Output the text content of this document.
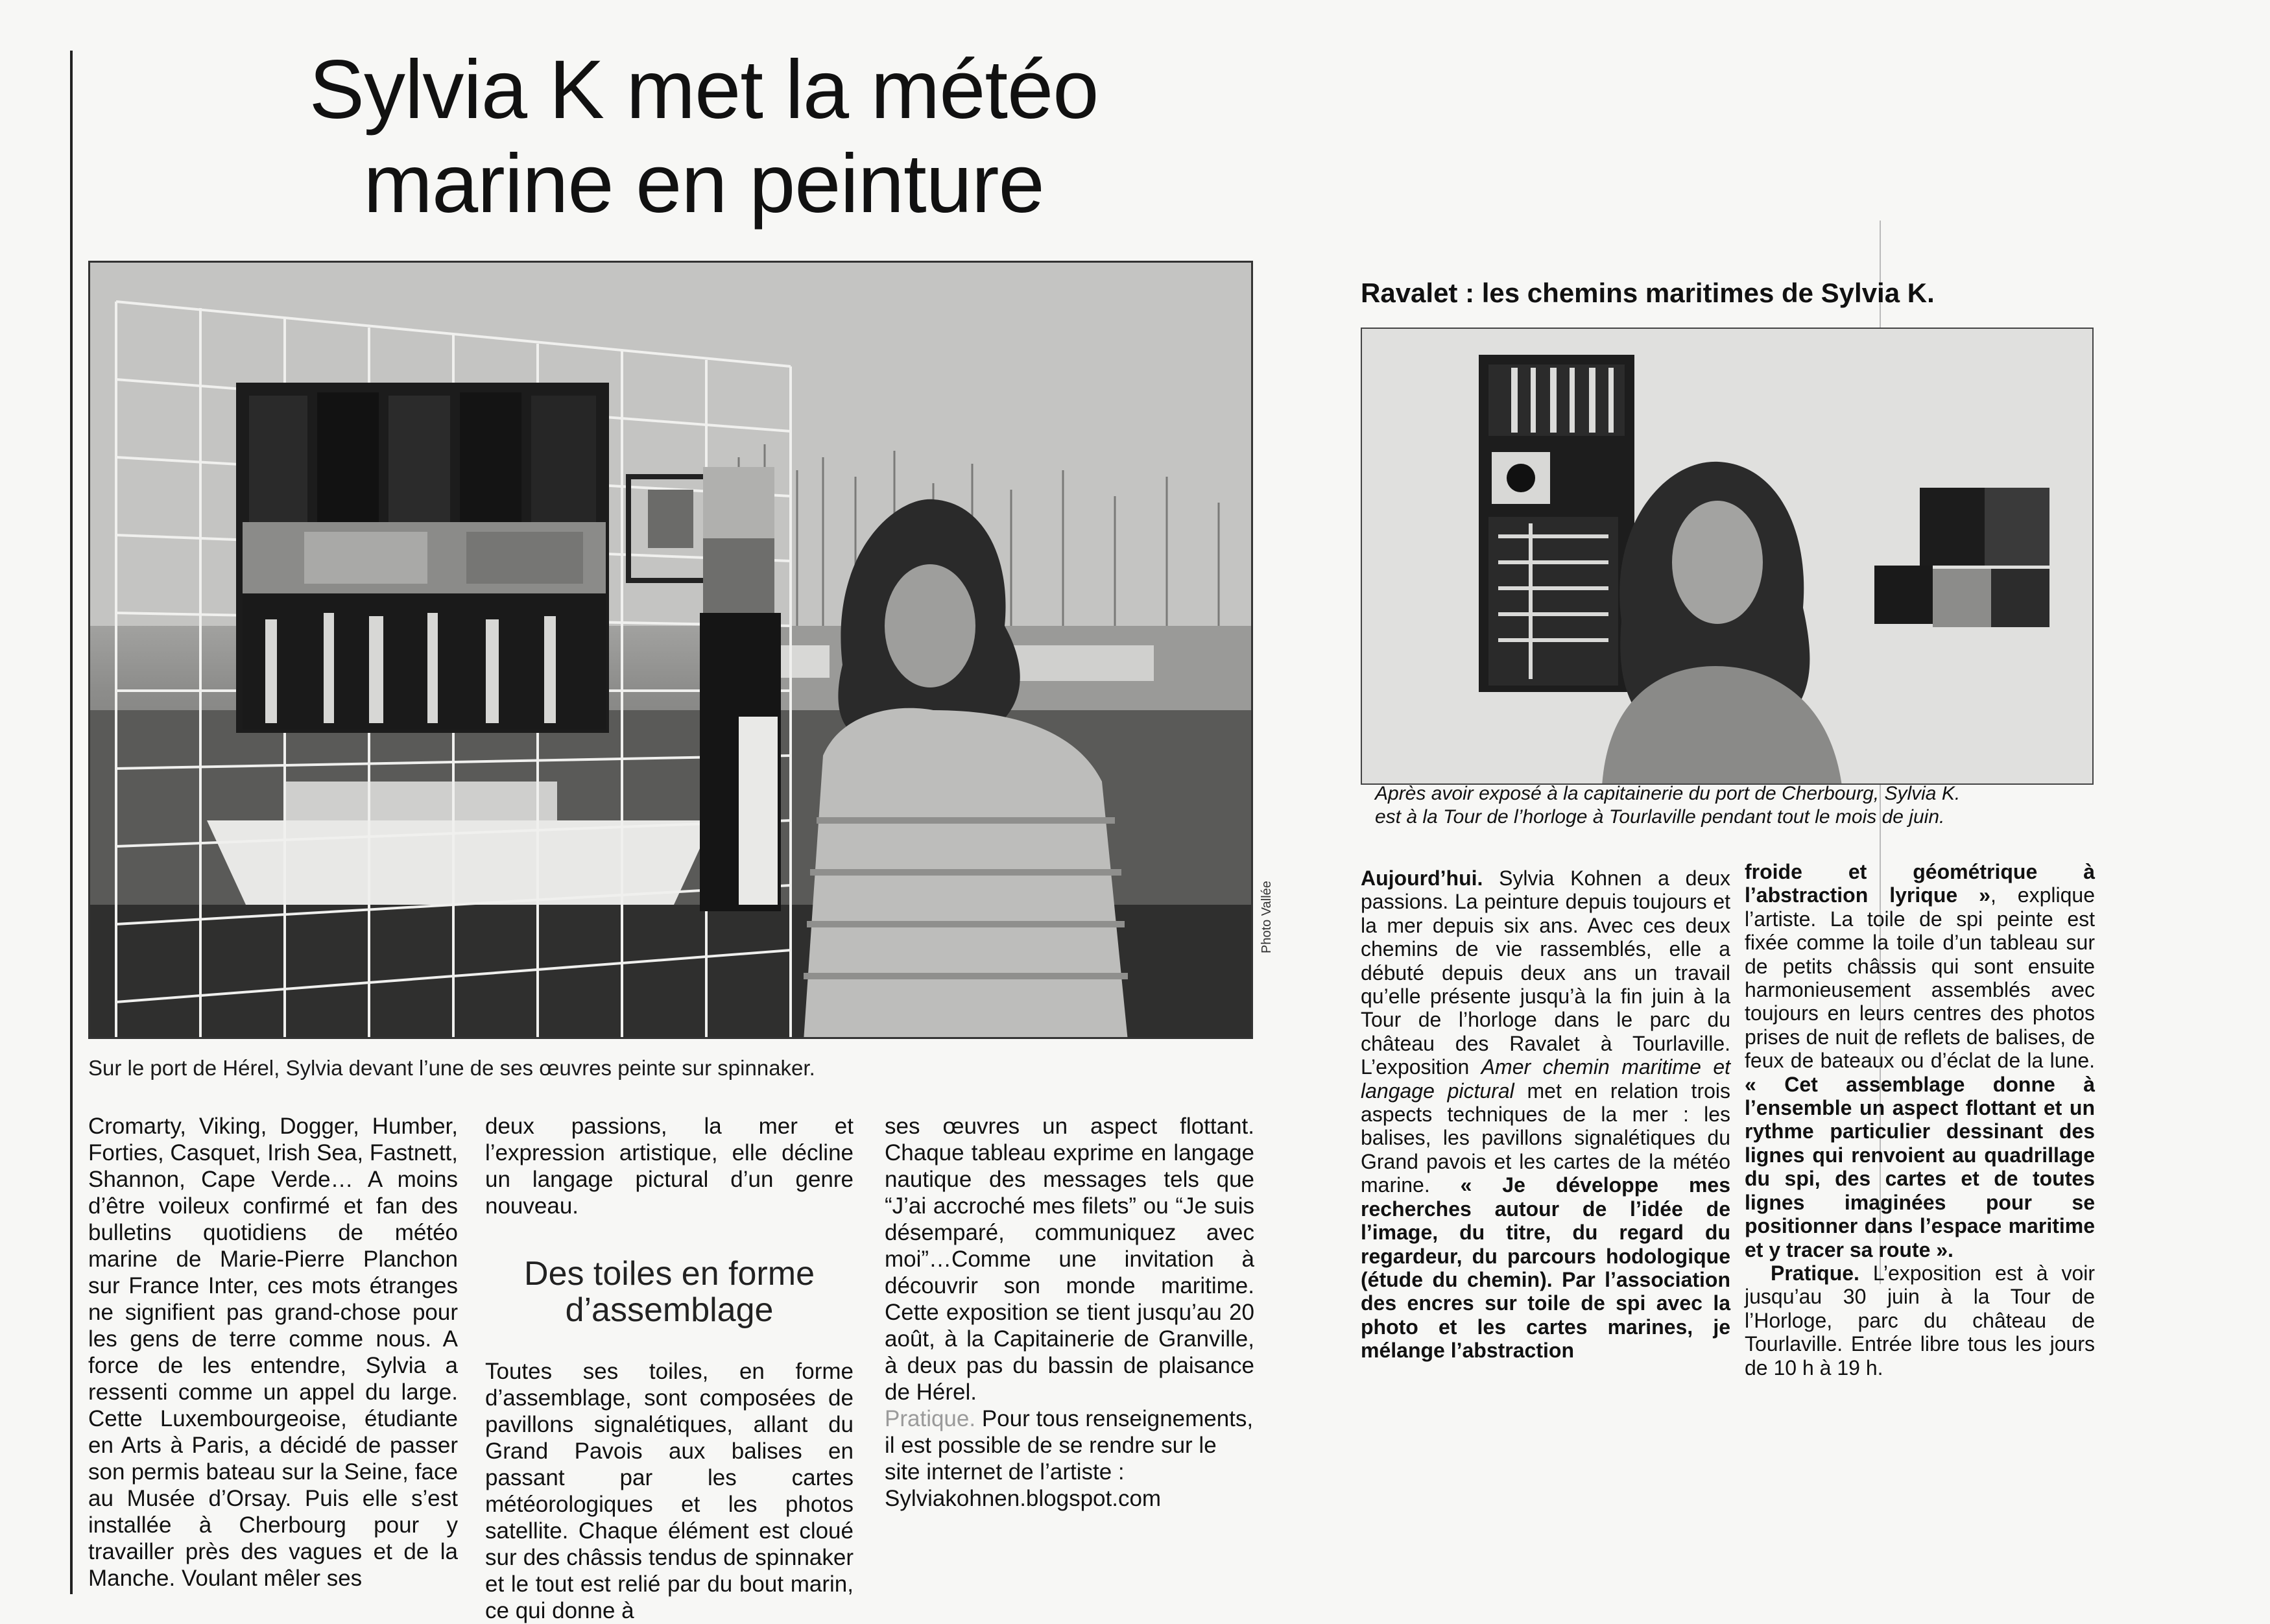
Sylvia K met la météo
marine en peinture
Photo Vallée
Sur le port de Hérel, Sylvia devant l’une de ses œuvres peinte sur spinnaker.

Cromarty, Viking, Dogger, Humber, Forties, Casquet, Irish Sea, Fastnett, Shannon, Cape Verde… A moins d’être voileux confirmé et fan des bulletins quotidiens de météo marine de Marie-Pierre Planchon sur France Inter, ces mots étranges ne signifient pas grand-chose pour les gens de terre comme nous. A force de les entendre, Sylvia a ressenti comme un appel du large. Cette Luxembourgeoise, étudiante en Arts à Paris, a décidé de passer son permis bateau sur la Seine, face au Musée d’Orsay. Puis elle s’est installée à Cherbourg pour y travailler près des vagues et de la Manche. Voulant mêler ses

deux passions, la mer et l’expression artistique, elle décline un langage pictural d’un genre nouveau.

Des toiles en forme d’assemblage

Toutes ses toiles, en forme d’assemblage, sont composées de pavillons signalétiques, allant du Grand Pavois aux balises en passant par les cartes météorologiques et les photos satellite. Chaque élément est cloué sur des châssis tendus de spinnaker et le tout est relié par du bout marin, ce qui donne à

ses œuvres un aspect flottant. Chaque tableau exprime en langage nautique des messages tels que “J’ai accroché mes filets” ou “Je suis désemparé, communiquez avec moi”…Comme une invitation à découvrir son monde maritime. Cette exposition se tient jusqu’au 20 août, à la Capitainerie de Granville, à deux pas du bassin de plaisance de Hérel.

Pratique. Pour tous renseignements, il est possible de se rendre sur le site internet de l’artiste :

Sylviakohnen.blogspot.com

Ravalet : les chemins maritimes de Sylvia K.
Après avoir exposé à la capitainerie du port de Cherbourg, Sylvia K.
est à la Tour de l’horloge à Tourlaville pendant tout le mois de juin.

Aujourd’hui. Sylvia Kohnen a deux passions. La peinture depuis toujours et la mer depuis six ans. Avec ces deux chemins de vie rassemblés, elle a débuté depuis deux ans un travail qu’elle présente jusqu’à la fin juin à la Tour de l’horloge dans le parc du château des Ravalet à Tourlaville. L’exposition Amer chemin maritime et langage pictural met en relation trois aspects techniques de la mer : les balises, les pavillons signalétiques du Grand pavois et les cartes de la météo marine. « Je développe mes recherches autour de l’idée de l’image, du titre, du regard du regardeur, du parcours hodologique (étude du chemin). Par l’association des encres sur toile de spi avec la photo et les cartes marines, je mélange l’abstraction

froide et géométrique à l’abstraction lyrique », explique l’artiste. La toile de spi peinte est fixée comme la toile d’un tableau sur de petits châssis qui sont ensuite harmonieusement assemblés avec toujours en leurs centres des photos prises de nuit de reflets de balises, de feux de bateaux ou d’éclat de la lune. « Cet assemblage donne à l’ensemble un aspect flottant et un rythme particulier dessinant des lignes qui renvoient au quadrillage du spi, des cartes et de toutes lignes imaginées pour se positionner dans l’espace maritime et y tracer sa route ».

Pratique. L’exposition est à voir jusqu’au 30 juin à la Tour de l’Horloge, parc du château de Tourlaville. Entrée libre tous les jours de 10 h à 19 h.
